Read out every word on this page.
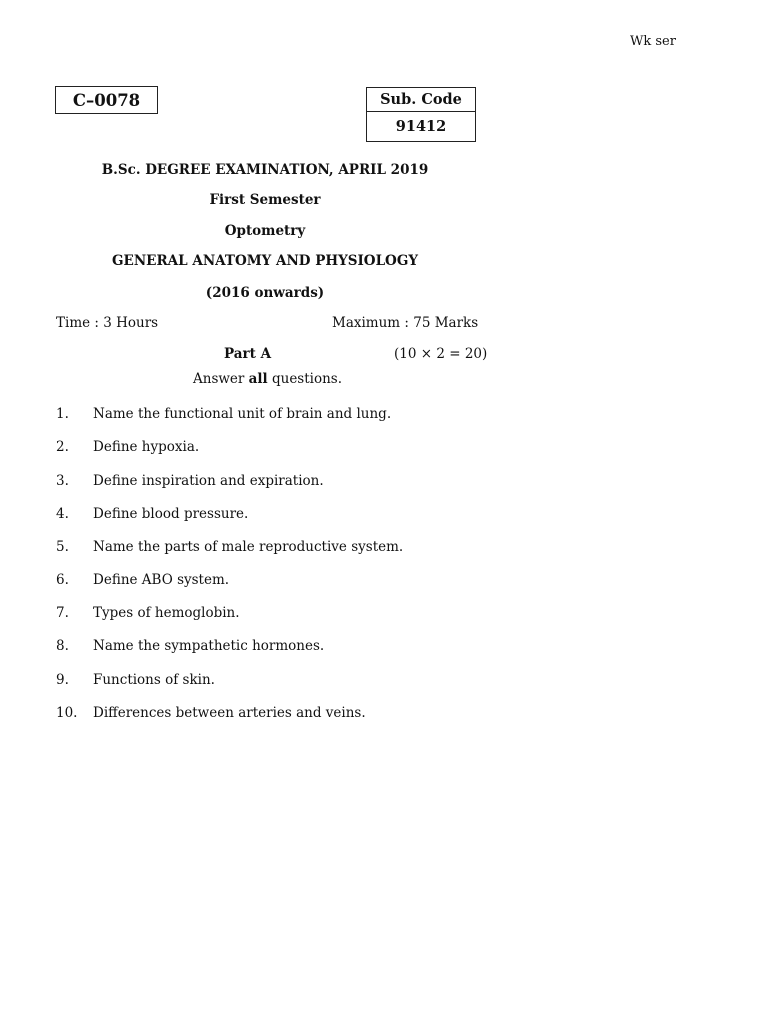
Wk ser
C–0078	Sub. Code
91412
B.Sc. DEGREE EXAMINATION, APRIL 2019
First Semester
Optometry
GENERAL ANATOMY AND PHYSIOLOGY
(2016 onwards)
Time : 3 Hours	Maximum : 75 Marks
Part A	(10 × 2 = 20)
Answer all questions.
1. Name the functional unit of brain and lung.
2. Define hypoxia.
3. Define inspiration and expiration.
4. Define blood pressure.
5. Name the parts of male reproductive system.
6. Define ABO system.
7. Types of hemoglobin.
8. Name the sympathetic hormones.
9. Functions of skin.
10. Differences between arteries and veins.
